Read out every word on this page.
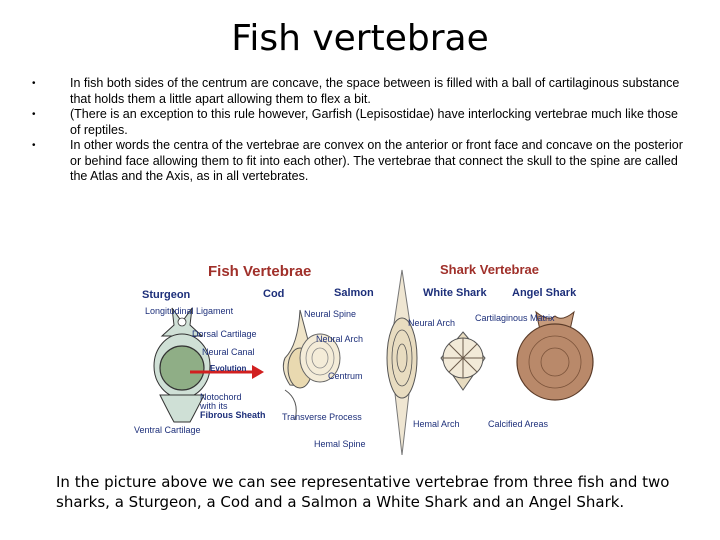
Fish vertebrae
•	In fish both sides of the centrum are concave, the space between is filled with a ball of cartilaginous substance that holds them a little apart allowing them to flex a bit.
•	(There is an exception to this rule however, Garfish (Lepisostidae) have interlocking vertebrae much like those of reptiles.
•	In other words the centra of the vertebrae are convex on the anterior or front face and concave on the posterior or behind face allowing them to fit into each other). The vertebrae that connect the skull to the spine are called the Atlas and the Axis, as in all vertebrates.
Fish Vertebrae	Shark Vertebrae
Sturgeon	Cod	Salmon	White Shark Angel Shark
Longitudinal Ligament
Dorsal Cartilage
Neural Canal
Evolution
Notochord
with its
Fibrous Sheath
Ventral Cartilage
Neural Spine
Neural Arch
Centrum
Transverse Process
Hemal Spine
Neural Arch Cartilaginous Matrix
Hemal Arch	Calcified Areas
In the picture above we can see representative vertebrae from three fish and two sharks, a Sturgeon, a Cod and a Salmon a White Shark and an Angel Shark.
